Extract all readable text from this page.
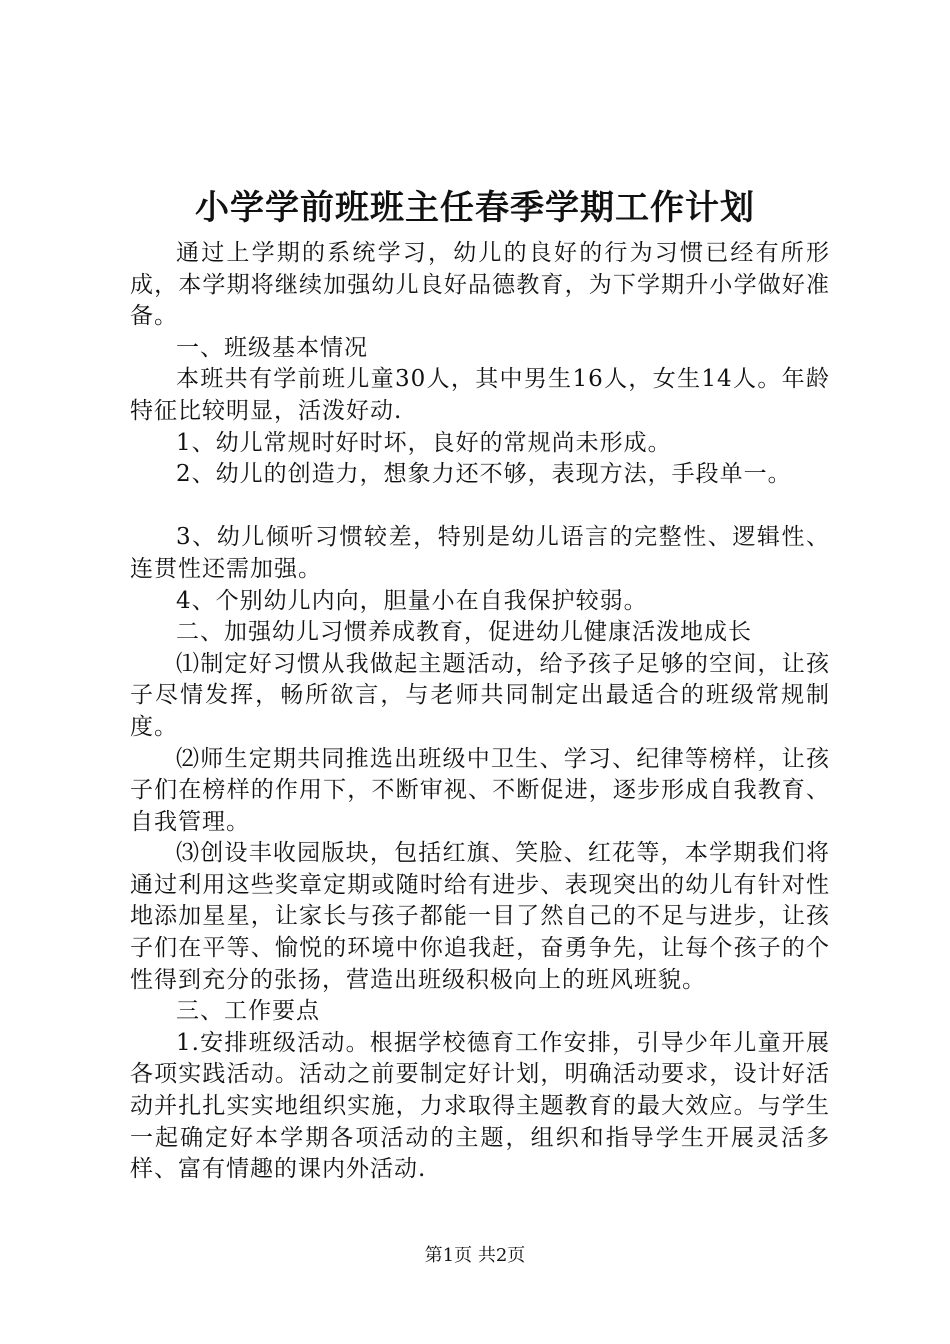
小学学前班班主任春季学期工作计划

通过上学期的系统学习，幼儿的良好的行为习惯已经有所形成，本学期将继续加强幼儿良好品德教育，为下学期升小学做好准备。

一、班级基本情况

本班共有学前班儿童30人，其中男生16人，女生14人。年龄特征比较明显，活泼好动.

1、幼儿常规时好时坏，良好的常规尚未形成。

2、幼儿的创造力，想象力还不够，表现方法，手段单一。

3、幼儿倾听习惯较差，特别是幼儿语言的完整性、逻辑性、连贯性还需加强。

4、个别幼儿内向，胆量小在自我保护较弱。

二、加强幼儿习惯养成教育，促进幼儿健康活泼地成长

⑴制定好习惯从我做起主题活动，给予孩子足够的空间，让孩子尽情发挥，畅所欲言，与老师共同制定出最适合的班级常规制度。

⑵师生定期共同推选出班级中卫生、学习、纪律等榜样，让孩子们在榜样的作用下，不断审视、不断促进，逐步形成自我教育、自我管理。

⑶创设丰收园版块，包括红旗、笑脸、红花等，本学期我们将通过利用这些奖章定期或随时给有进步、表现突出的幼儿有针对性地添加星星，让家长与孩子都能一目了然自己的不足与进步，让孩子们在平等、愉悦的环境中你追我赶，奋勇争先，让每个孩子的个性得到充分的张扬，营造出班级积极向上的班风班貌。

三、工作要点

1.安排班级活动。根据学校德育工作安排，引导少年儿童开展各项实践活动。活动之前要制定好计划，明确活动要求，设计好活动并扎扎实实地组织实施，力求取得主题教育的最大效应。与学生一起确定好本学期各项活动的主题，组织和指导学生开展灵活多样、富有情趣的课内外活动.

第1页 共2页
